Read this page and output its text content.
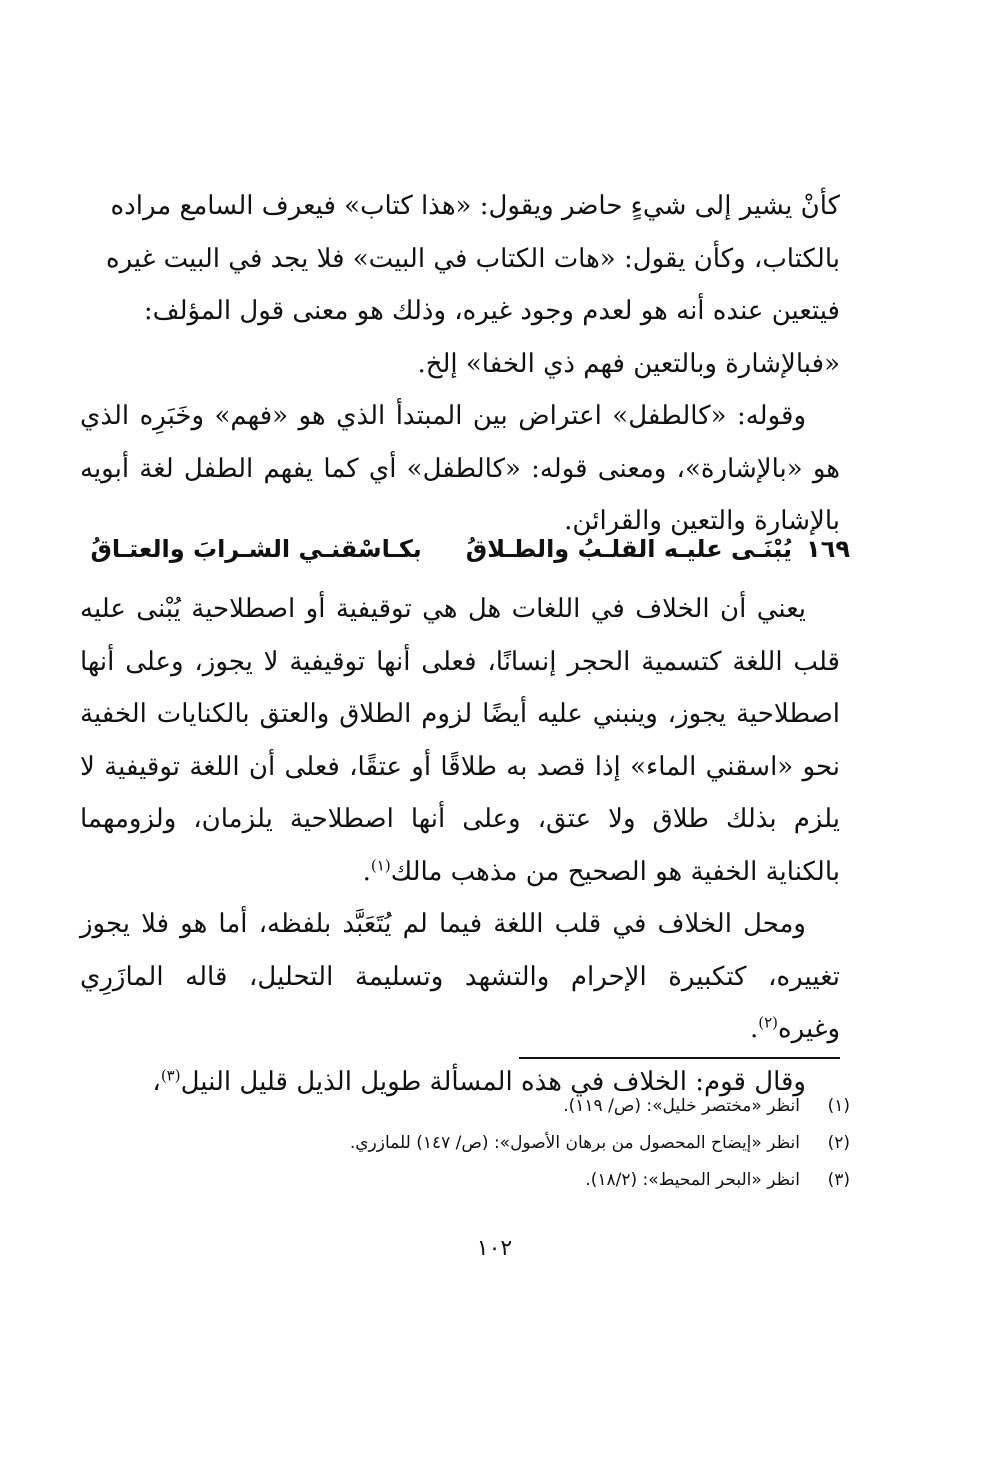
كأنْ يشير إلى شيءٍ حاضر ويقول: «هذا كتاب» فيعرف السامع مراده

بالكتاب، وكأن يقول: «هات الكتاب في البيت» فلا يجد في البيت غيره

فيتعين عنده أنه هو لعدم وجود غيره، وذلك هو معنى قول المؤلف:

«فبالإشارة وبالتعين فهم ذي الخفا» إلخ.

وقوله: «كالطفل» اعتراض بين المبتدأ الذي هو «فهم» وخَبَرِه الذي هو «بالإشارة»، ومعنى قوله: «كالطفل» أي كما يفهم الطفل لغة أبويه بالإشارة والتعين والقرائن.

١٦٩
يُبْنَـى عليـه القلـبُ والطـلاقُ
بكـاسْقنـي الشـرابَ والعتـاقُ

يعني أن الخلاف في اللغات هل هي توقيفية أو اصطلاحية يُبْنى عليه قلب اللغة كتسمية الحجر إنسانًا، فعلى أنها توقيفية لا يجوز، وعلى أنها اصطلاحية يجوز، وينبني عليه أيضًا لزوم الطلاق والعتق بالكنايات الخفية نحو «اسقني الماء» إذا قصد به طلاقًا أو عتقًا، فعلى أن اللغة توقيفية لا يلزم بذلك طلاق ولا عتق، وعلى أنها اصطلاحية يلزمان، ولزومهما بالكناية الخفية هو الصحيح من مذهب مالك$^{(١)}$.

ومحل الخلاف في قلب اللغة فيما لم يُتَعَبَّد بلفظه، أما هو فلا يجوز تغييره، كتكبيرة الإحرام والتشهد وتسليمة التحليل، قاله المازَرِي وغيره$^{(٢)}$.

وقال قوم: الخلاف في هذه المسألة طويل الذيل قليل النيل$^{(٣)}$،

(١)انظر «مختصر خليل»: (ص/ ١١٩).
(٢)انظر «إيضاح المحصول من برهان الأصول»: (ص/ ١٤٧) للمازري.
(٣)انظر «البحر المحيط»: (١٨/٢).
١٠٢
